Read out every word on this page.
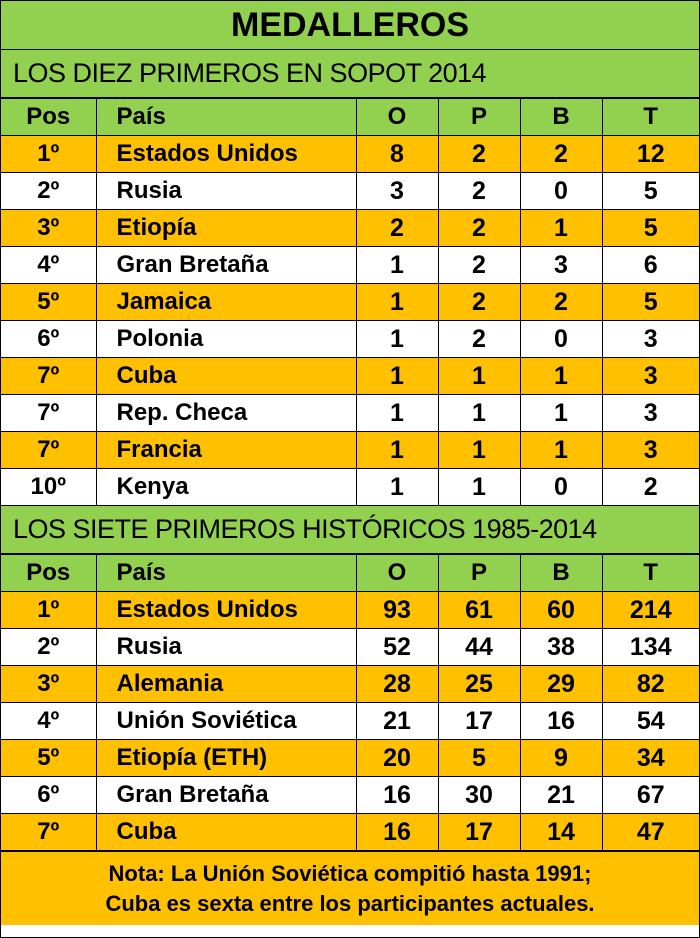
MEDALLEROS
LOS DIEZ PRIMEROS EN SOPOT 2014
Pos	País	O	P	B	T
1º	Estados Unidos	8	2	2	12
2º	Rusia	3	2	0	5
3º	Etiopía	2	2	1	5
4º	Gran Bretaña	1	2	3	6
5º	Jamaica	1	2	2	5
6º	Polonia	1	2	0	3
7º	Cuba	1	1	1	3
7º	Rep. Checa	1	1	1	3
7º	Francia	1	1	1	3
10º	Kenya	1	1	0	2
LOS SIETE PRIMEROS HISTÓRICOS 1985-2014
Pos	País	O	P	B	T
1º	Estados Unidos	93	61	60	214
2º	Rusia	52	44	38	134
3º	Alemania	28	25	29	82
4º	Unión Soviética	21	17	16	54
5º	Etiopía (ETH)	20	5	9	34
6º	Gran Bretaña	16	30	21	67
7º	Cuba	16	17	14	47
Nota: La Unión Soviética compitió hasta 1991;
Cuba es sexta entre los participantes actuales.
